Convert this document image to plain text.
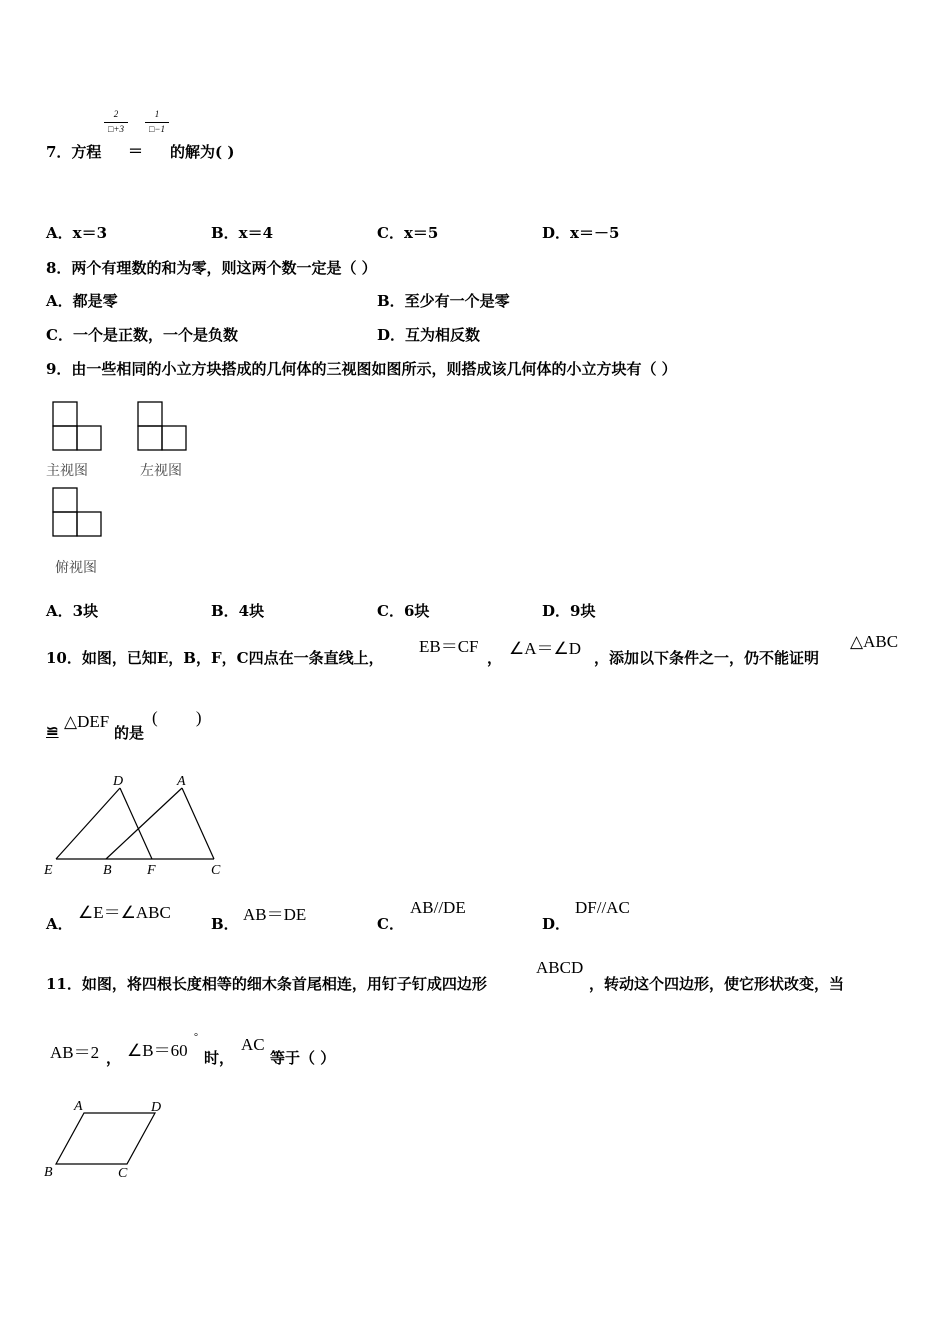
7．方程
2
□+3
＝
1
□−1
的解为( )
A．x＝3	B．x＝4	C．x＝5	D．x＝－5
8．两个有理数的和为零，则这两个数一定是（ ）
A．都是零	B．至少有一个是零
C．一个是正数，一个是负数	D．互为相反数
9．由一些相同的小立方块搭成的几何体的三视图如图所示，则搭成该几何体的小立方块有（ ）
主视图	左视图
俯视图
A．3块	B．4块	C．6块	D．9块
10．如图，已知E，B，F，C四点在一条直线上，
EB＝CF
， ∠A＝∠D ，添加以下条件之一，仍不能证明
△ABC
≌ △DEF
的是
(         )
D	A
E	B	F	C
A．
∠E＝∠ABC
B． AB＝DE	C．
AB//DE
D．
DF//AC
11．如图，将四根长度相等的细木条首尾相连，用钉子钉成四边形
ABCD
，转动这个四边形，使它形状改变，当
AB＝2 ， ∠B＝60
°
时，
AC
等于（ ）
A	D
B	C
